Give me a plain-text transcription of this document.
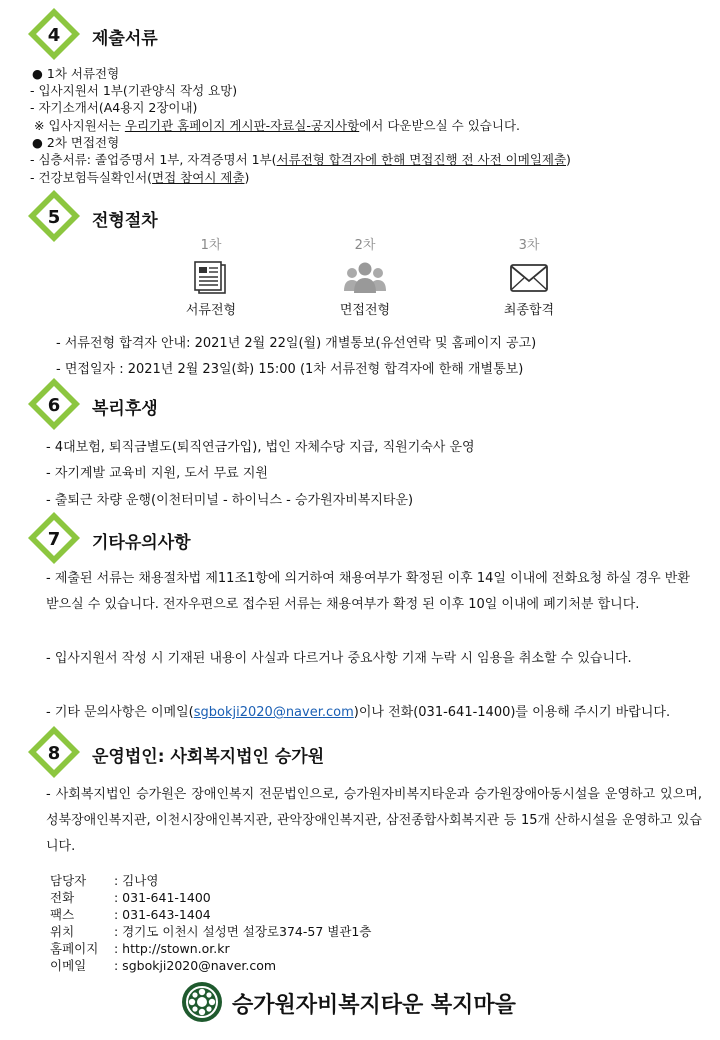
4 제출서류
● 1차 서류전형
- 입사지원서 1부(기관양식 작성 요망)
- 자기소개서(A4용지 2장이내)
※ 입사지원서는 우리기관 홈페이지 게시판-자료실-공지사항에서 다운받으실 수 있습니다.
● 2차 면접전형
- 심층서류: 졸업증명서 1부, 자격증명서 1부(서류전형 합격자에 한해 면접진행 전 사전 이메일제출)
- 건강보험득실확인서(면접 참여시 제출)
5 전형절차
1차
서류전형
2차
면접전형
3차
최종합격
- 서류전형 합격자 안내: 2021년 2월 22일(월) 개별통보(유선연락 및 홈페이지 공고)
- 면접일자 : 2021년 2월 23일(화) 15:00 (1차 서류전형 합격자에 한해 개별통보)
6 복리후생
- 4대보험, 퇴직금별도(퇴직연금가입), 법인 자체수당 지급, 직원기숙사 운영
- 자기계발 교육비 지원, 도서 무료 지원
- 출퇴근 차량 운행(이천터미널 - 하이닉스 - 승가원자비복지타운)
7 기타유의사항
- 제출된 서류는 채용절차법 제11조1항에 의거하여 채용여부가 확정된 이후 14일 이내에 전화요청 하실 경우 반환 받으실 수 있습니다. 전자우편으로 접수된 서류는 채용여부가 확정 된 이후 10일 이내에 폐기처분 합니다.
- 입사지원서 작성 시 기재된 내용이 사실과 다르거나 중요사항 기재 누락 시 임용을 취소할 수 있습니다.
- 기타 문의사항은 이메일(sgbokji2020@naver.com)이나 전화(031-641-1400)를 이용해 주시기 바랍니다.
8 운영법인: 사회복지법인 승가원
- 사회복지법인 승가원은 장애인복지 전문법인으로, 승가원자비복지타운과 승가원장애아동시설을 운영하고 있으며, 성북장애인복지관, 이천시장애인복지관, 관악장애인복지관, 삼전종합사회복지관 등 15개 산하시설을 운영하고 있습니다.
담당자 : 김나영
전화	: 031-641-1400
팩스	: 031-643-1404
위치	: 경기도 이천시 설성면 설장로374-57 별관1층
홈페이지 : http://stown.or.kr
이메일 : sgbokji2020@naver.com
승가원자비복지타운 복지마을
